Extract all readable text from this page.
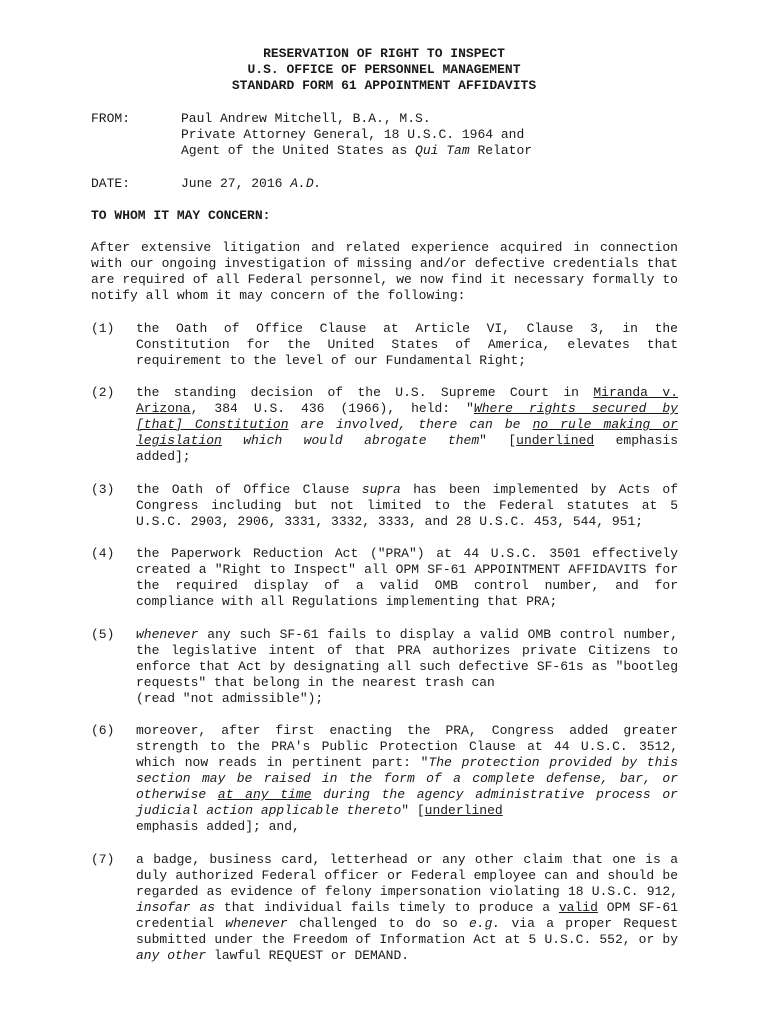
RESERVATION OF RIGHT TO INSPECT
U.S. OFFICE OF PERSONNEL MANAGEMENT
STANDARD FORM 61 APPOINTMENT AFFIDAVITS
FROM:	Paul Andrew Mitchell, B.A., M.S.
Private Attorney General, 18 U.S.C. 1964 and
Agent of the United States as Qui Tam Relator
DATE:	June 27, 2016 A.D.
TO WHOM IT MAY CONCERN:
After extensive litigation and related experience acquired in connection with our ongoing investigation of missing and/or defective credentials that are required of all Federal personnel, we now find it necessary formally to notify all whom it may concern of the following:
(1) the Oath of Office Clause at Article VI, Clause 3, in the Constitution for the United States of America, elevates that requirement to the level of our Fundamental Right;
(2) the standing decision of the U.S. Supreme Court in Miranda v.
Arizona, 384 U.S. 436 (1966), held: "Where rights secured by
[that] Constitution are involved, there can be no rule making or
legislation which would abrogate them" [underlined emphasis
added];
(3) the Oath of Office Clause supra has been implemented by Acts of Congress including but not limited to the Federal statutes at 5 U.S.C. 2903, 2906, 3331, 3332, 3333, and 28 U.S.C. 453, 544, 951;
(4) the Paperwork Reduction Act ("PRA") at 44 U.S.C. 3501 effectively created a "Right to Inspect" all OPM SF-61 APPOINTMENT AFFIDAVITS for the required display of a valid OMB control number, and for compliance with all Regulations implementing that PRA;
(5) whenever any such SF-61 fails to display a valid OMB control number, the legislative intent of that PRA authorizes private Citizens to enforce that Act by designating all such defective SF-61s as "bootleg requests" that belong in the nearest trash can
(read "not admissible");
(6) moreover, after first enacting the PRA, Congress added greater strength to the PRA's Public Protection Clause at 44 U.S.C. 3512, which now reads in pertinent part: "The protection provided by this section may be raised in the form of a complete defense, bar, or otherwise at any time during the agency administrative process or judicial action applicable thereto" [underlined
emphasis added]; and,
(7) a badge, business card, letterhead or any other claim that one is a duly authorized Federal officer or Federal employee can and should be regarded as evidence of felony impersonation violating 18 U.S.C. 912, insofar as that individual fails timely to produce a valid OPM SF-61 credential whenever challenged to do so e.g. via a proper Request submitted under the Freedom of Information Act at 5 U.S.C. 552, or by any other lawful REQUEST or DEMAND.
